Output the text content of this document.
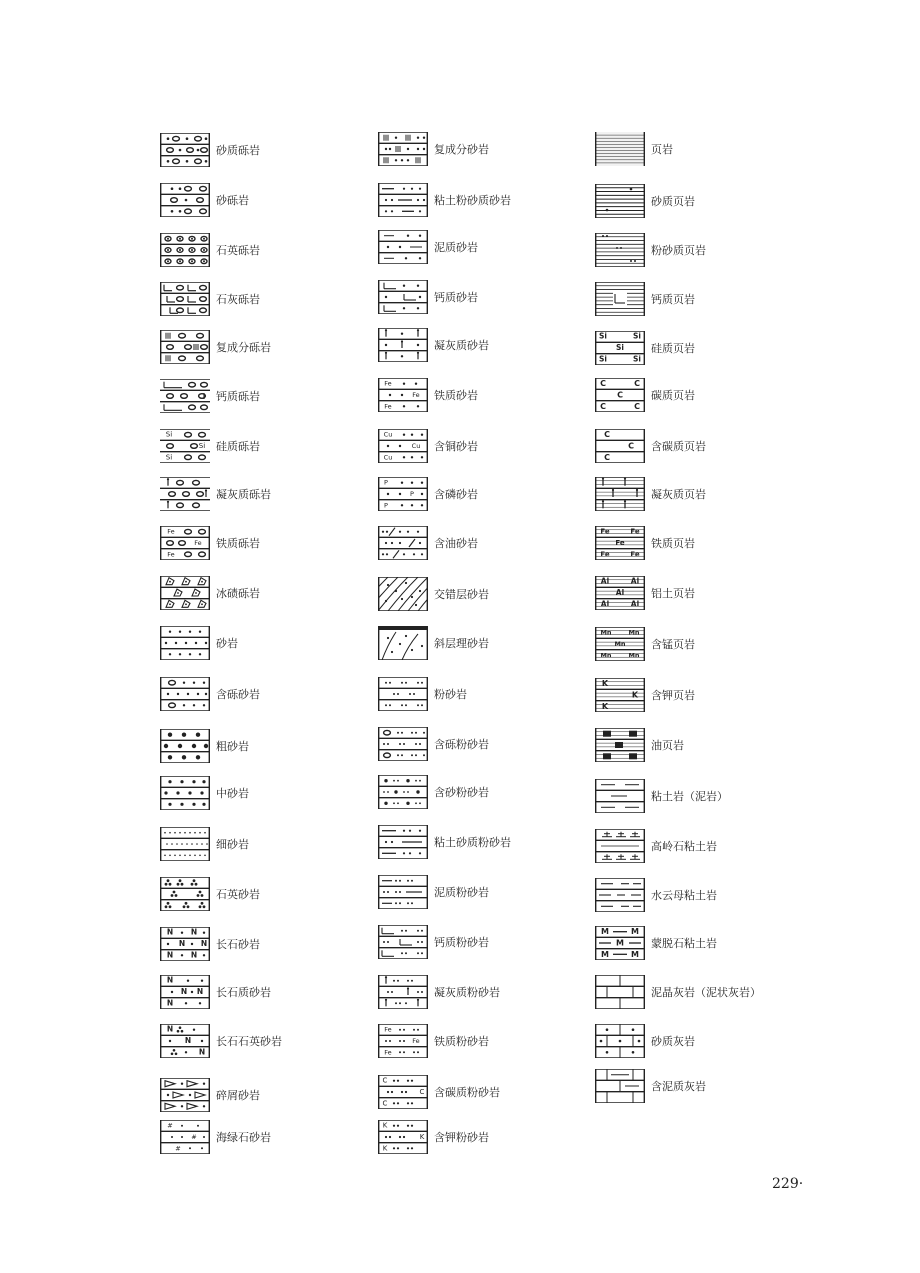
砂质砾岩
砂砾岩
石英砾岩
石灰砾岩
复成分砾岩
钙质砾岩
Si
Si
Si
硅质砾岩
凝灰质砾岩
Fe
Fe
Fe
铁质砾岩
冰碛砾岩
砂岩
含砾砂岩
粗砂岩
中砂岩
细砂岩
石英砂岩
N N
N N
N N
长石砂岩
N
N N
N
长石质砂岩
N
N
N
长石石英砂岩
碎屑砂岩
#
#
#
海绿石砂岩
复成分砂岩
粘土粉砂质砂岩
泥质砂岩
钙质砂岩
凝灰质砂岩
Fe
Fe
Fe
铁质砂岩
Cu
Cu
Cu
含铜砂岩
P
P
P
含磷砂岩
含油砂岩
交错层砂岩
斜层理砂岩
粉砂岩
含砾粉砂岩
含砂粉砂岩
粘土砂质粉砂岩
泥质粉砂岩
钙质粉砂岩
凝灰质粉砂岩
Fe
Fe
Fe
铁质粉砂岩
C
C
C
含碳质粉砂岩
K
K
K
含钾粉砂岩
页岩
砂质页岩
粉砂质页岩
钙质页岩
Si	Si
Si
Si	Si
硅质页岩
C	C
C
C	C
碳质页岩
C
C
C
含碳质页岩
凝灰质页岩
Fe	Fe
Fe
Fe	Fe
铁质页岩
Al	Al
Al
Al	Al
铝土页岩
Mn	Mn
Mn
Mn	Mn
含锰页岩
K
K
K
含钾页岩
油页岩
粘土岩（泥岩）
高岭石粘土岩
水云母粘土岩
M	M
M
M	M
蒙脱石粘土岩
泥晶灰岩（泥状灰岩）
砂质灰岩
含泥质灰岩
229·
